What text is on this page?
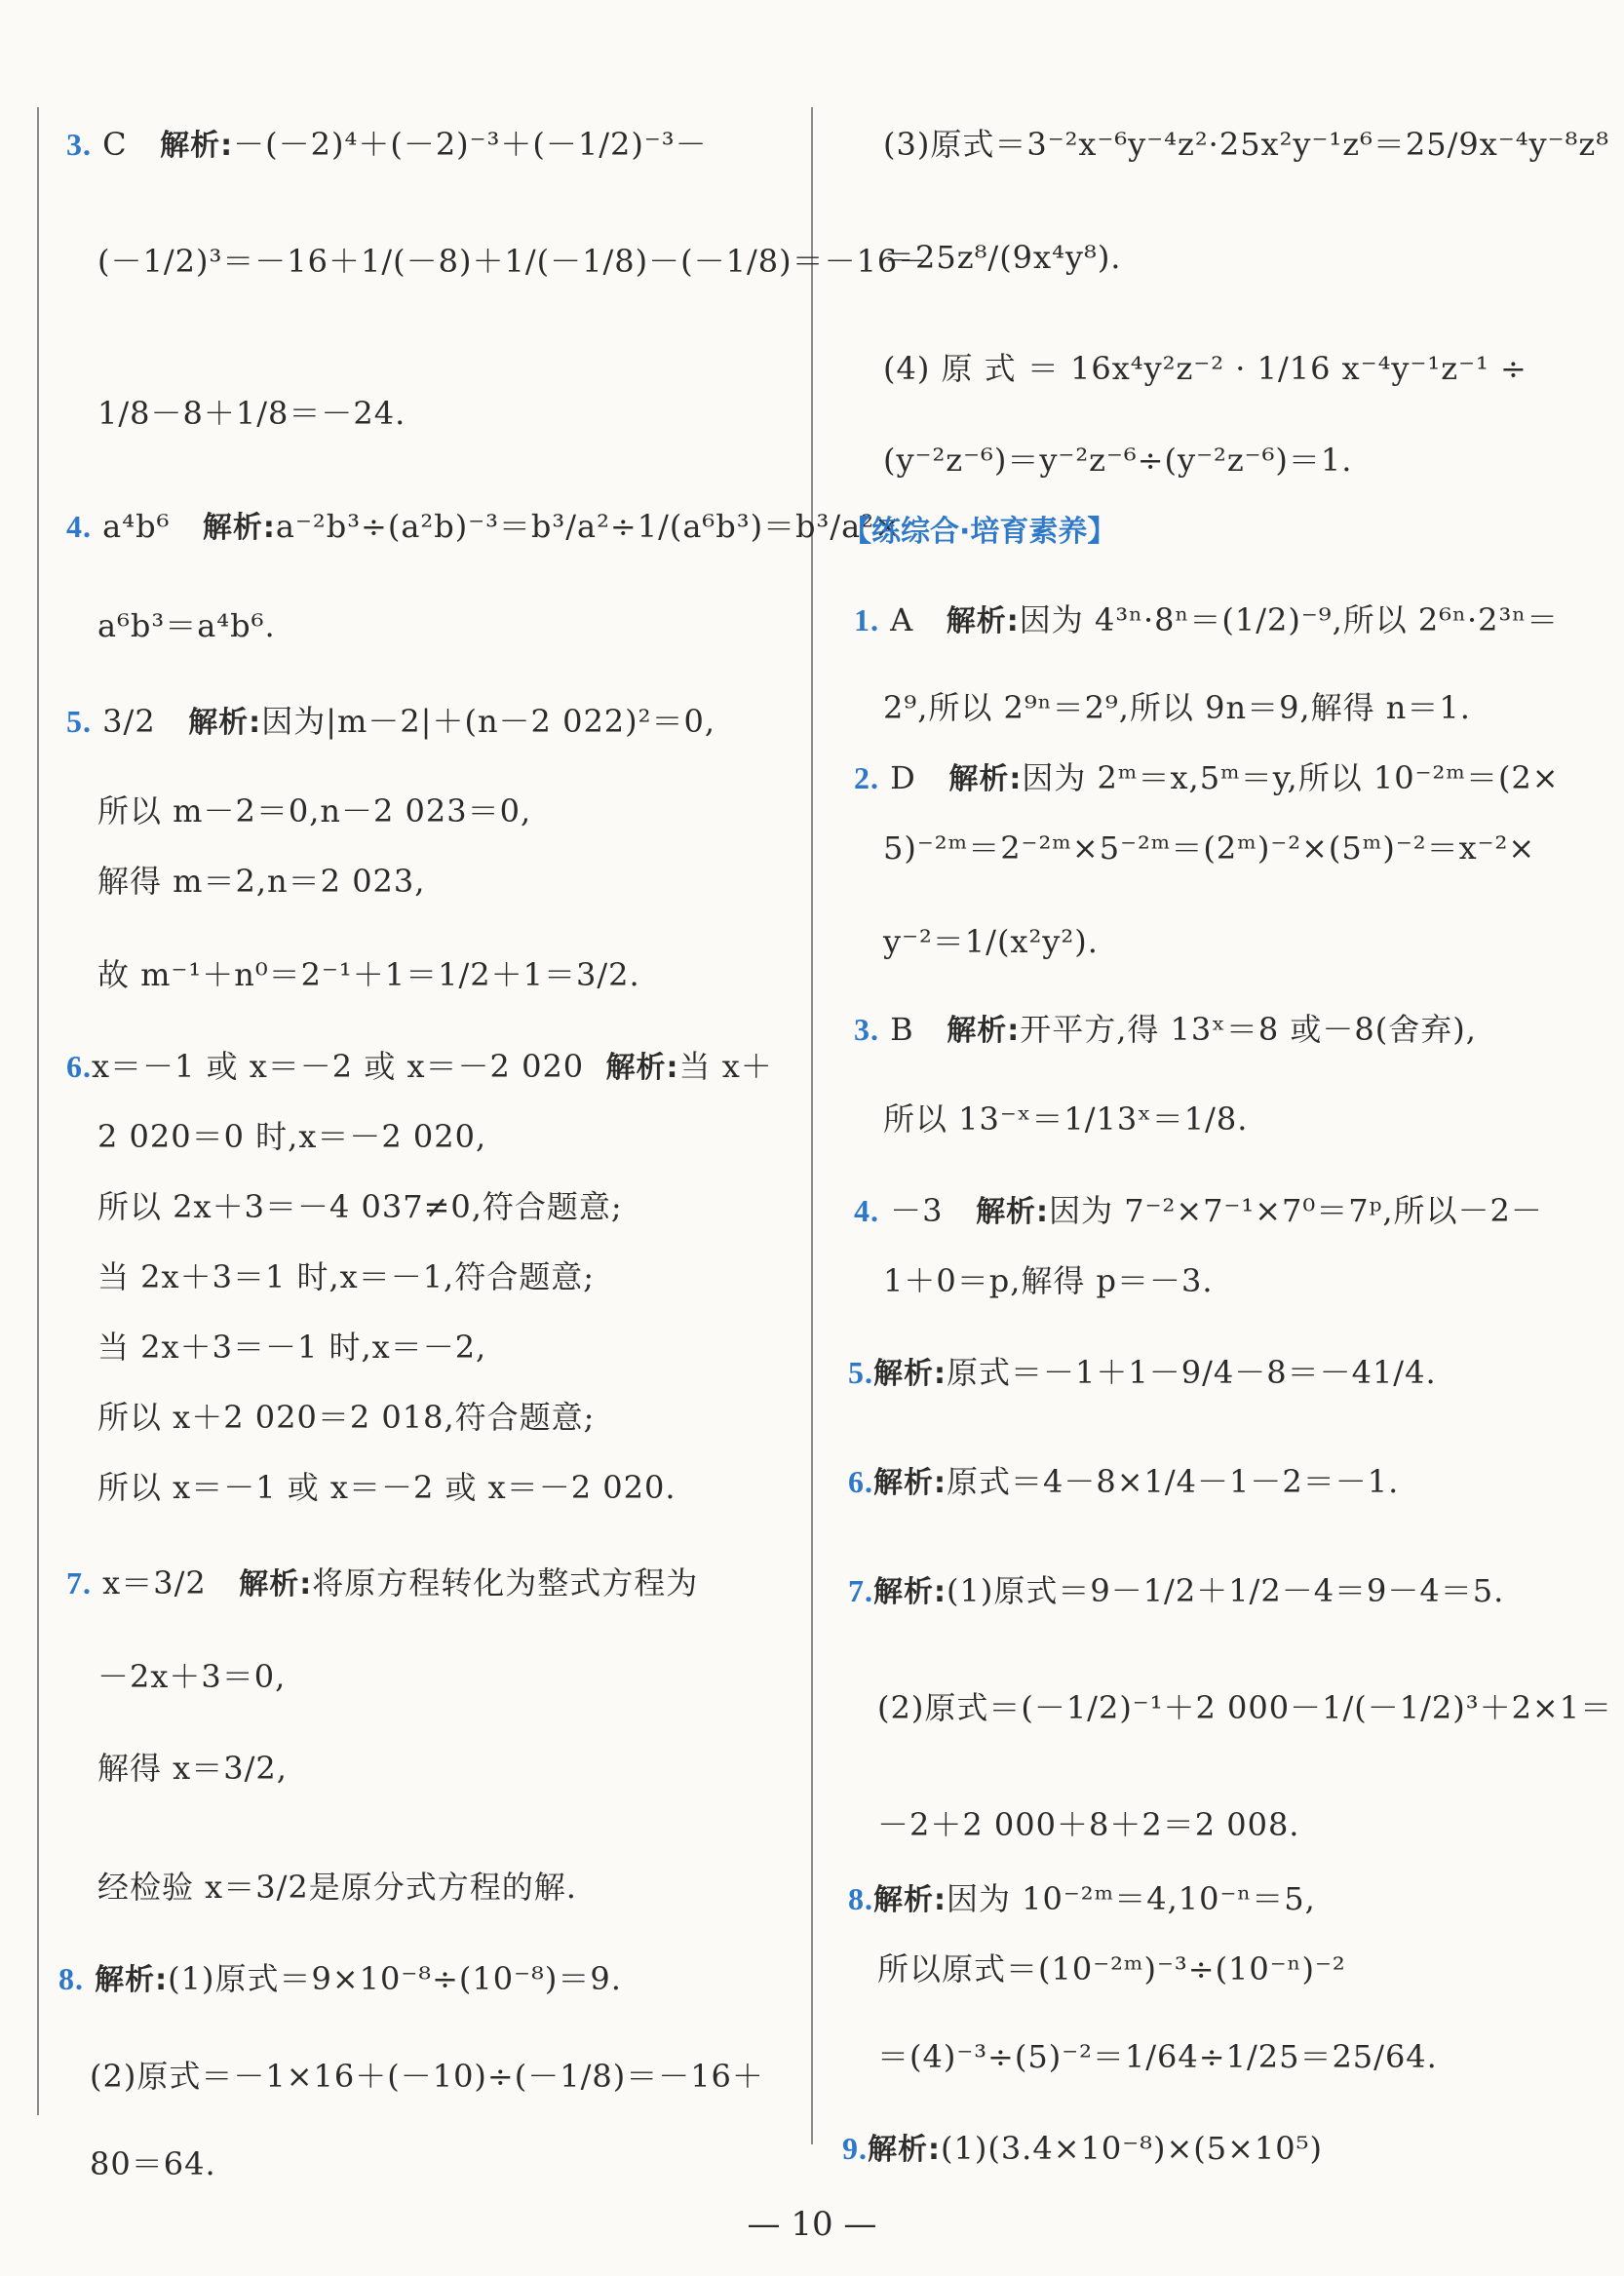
3. C 解析:－(－2)⁴＋(－2)⁻³＋(－1/2)⁻³－
(－1/2)³＝－16＋1/(－8)＋1/(－1/8)－(－1/8)＝－16－
1/8－8＋1/8＝－24.
4. a⁴b⁶ 解析:a⁻²b³÷(a²b)⁻³＝b³/a²÷1/(a⁶b³)＝b³/a²×
a⁶b³＝a⁴b⁶.
5. 3/2 解析:因为|m－2|＋(n－2 022)²＝0,
所以 m－2＝0,n－2 023＝0,
解得 m＝2,n＝2 023,
故 m⁻¹＋n⁰＝2⁻¹＋1＝1/2＋1＝3/2.
6.x＝－1 或 x＝－2 或 x＝－2 020 解析:当 x＋
2 020＝0 时,x＝－2 020,
所以 2x＋3＝－4 037≠0,符合题意;
当 2x＋3＝1 时,x＝－1,符合题意;
当 2x＋3＝－1 时,x＝－2,
所以 x＋2 020＝2 018,符合题意;
所以 x＝－1 或 x＝－2 或 x＝－2 020.
7. x＝3/2 解析:将原方程转化为整式方程为
－2x＋3＝0,
解得 x＝3/2,
经检验 x＝3/2是原分式方程的解.
8. 解析:(1)原式＝9×10⁻⁸÷(10⁻⁸)＝9.
(2)原式＝－1×16＋(－10)÷(－1/8)＝－16＋
80＝64.
(3)原式＝3⁻²x⁻⁶y⁻⁴z²·25x²y⁻¹z⁶＝25/9x⁻⁴y⁻⁸z⁸
＝25z⁸/(9x⁴y⁸).
(4) 原 式 ＝ 16x⁴y²z⁻² · 1/16 x⁻⁴y⁻¹z⁻¹ ÷
(y⁻²z⁻⁶)＝y⁻²z⁻⁶÷(y⁻²z⁻⁶)＝1.
【练综合·培育素养】
1. A 解析:因为 4³ⁿ·8ⁿ＝(1/2)⁻⁹,所以 2⁶ⁿ·2³ⁿ＝
2⁹,所以 2⁹ⁿ＝2⁹,所以 9n＝9,解得 n＝1.
2. D 解析:因为 2ᵐ＝x,5ᵐ＝y,所以 10⁻²ᵐ＝(2×
5)⁻²ᵐ＝2⁻²ᵐ×5⁻²ᵐ＝(2ᵐ)⁻²×(5ᵐ)⁻²＝x⁻²×
y⁻²＝1/(x²y²).
3. B 解析:开平方,得 13ˣ＝8 或－8(舍弃),
所以 13⁻ˣ＝1/13ˣ＝1/8.
4. －3 解析:因为 7⁻²×7⁻¹×7⁰＝7ᵖ,所以－2－
1＋0＝p,解得 p＝－3.
5.解析:原式＝－1＋1－9/4－8＝－41/4.
6.解析:原式＝4－8×1/4－1－2＝－1.
7.解析:(1)原式＝9－1/2＋1/2－4＝9－4＝5.
(2)原式＝(－1/2)⁻¹＋2 000－1/(－1/2)³＋2×1＝
－2＋2 000＋8＋2＝2 008.
8.解析:因为 10⁻²ᵐ＝4,10⁻ⁿ＝5,
所以原式＝(10⁻²ᵐ)⁻³÷(10⁻ⁿ)⁻²
＝(4)⁻³÷(5)⁻²＝1/64÷1/25＝25/64.
9.解析:(1)(3.4×10⁻⁸)×(5×10⁵)
— 10 —
